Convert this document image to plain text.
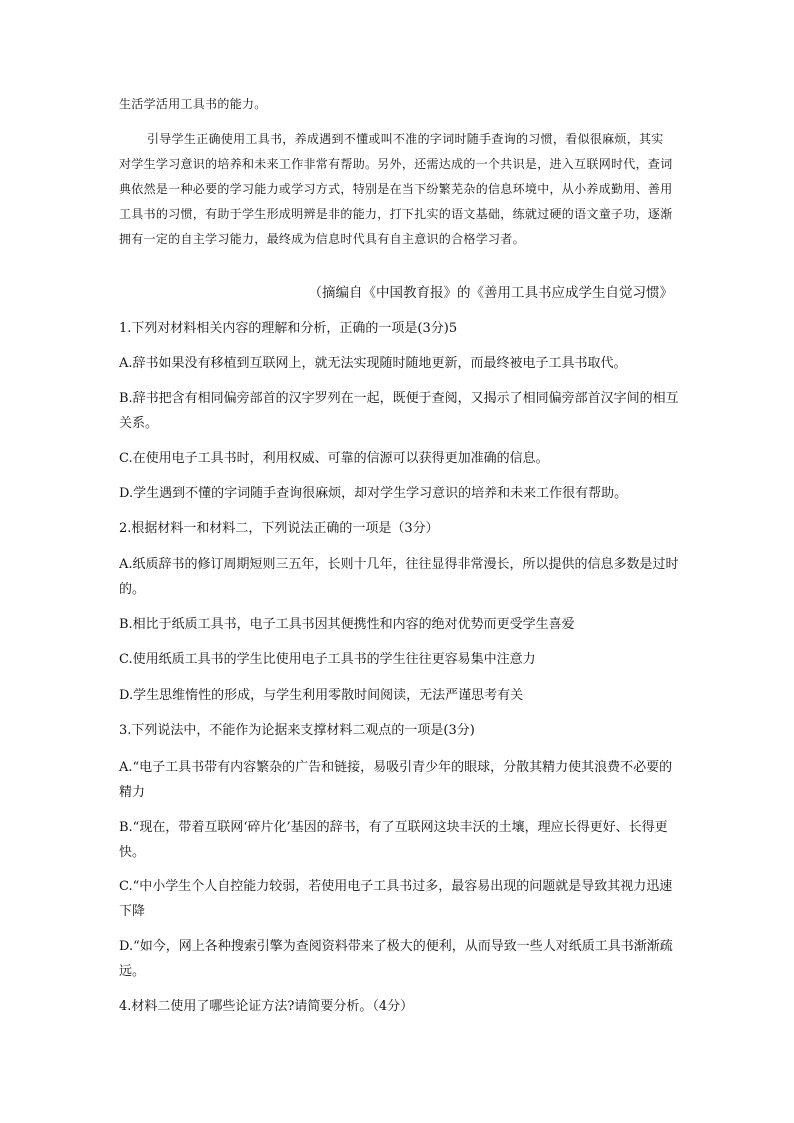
生活学活用工具书的能力。

引导学生正确使用工具书，养成遇到不懂或叫不准的字词时随手查询的习惯，看似很麻烦，其实对学生学习意识的培养和未来工作非常有帮助。另外，还需达成的一个共识是，进入互联网时代，查词典依然是一种必要的学习能力或学习方式，特别是在当下纷繁芜杂的信息环境中，从小养成勤用、善用工具书的习惯，有助于学生形成明辨是非的能力，打下扎实的语文基础，练就过硬的语文童子功，逐渐拥有一定的自主学习能力，最终成为信息时代具有自主意识的合格学习者。

（摘编自《中国教育报》的《善用工具书应成学生自觉习惯》

1.下列对材料相关内容的理解和分析，正确的一项是(3分)5

A.辞书如果没有移植到互联网上，就无法实现随时随地更新，而最终被电子工具书取代。

B.辞书把含有相同偏旁部首的汉字罗列在一起，既便于查阅，又揭示了相同偏旁部首汉字间的相互关系。

C.在使用电子工具书时，利用权威、可靠的信源可以获得更加准确的信息。

D.学生遇到不懂的字词随手查询很麻烦，却对学生学习意识的培养和未来工作很有帮助。

2.根据材料一和材料二，下列说法正确的一项是（3分）

A.纸质辞书的修订周期短则三五年，长则十几年，往往显得非常漫长，所以提供的信息多数是过时的。

B.相比于纸质工具书，电子工具书因其便携性和内容的绝对优势而更受学生喜爱

C.使用纸质工具书的学生比使用电子工具书的学生往往更容易集中注意力

D.学生思维惰性的形成，与学生利用零散时间阅读，无法严谨思考有关

3.下列说法中，不能作为论据来支撑材料二观点的一项是(3分)

A.“电子工具书带有内容繁杂的广告和链接，易吸引青少年的眼球，分散其精力使其浪费不必要的精力

B.“现在，带着互联网‘碎片化’基因的辞书，有了互联网这块丰沃的土壤，理应长得更好、长得更快。

C.“中小学生个人自控能力较弱，若使用电子工具书过多，最容易出现的问题就是导致其视力迅速下降

D.“如今，网上各种搜索引擎为查阅资料带来了极大的便利，从而导致一些人对纸质工具书渐渐疏远。

4.材料二使用了哪些论证方法?请简要分析。（4分）
